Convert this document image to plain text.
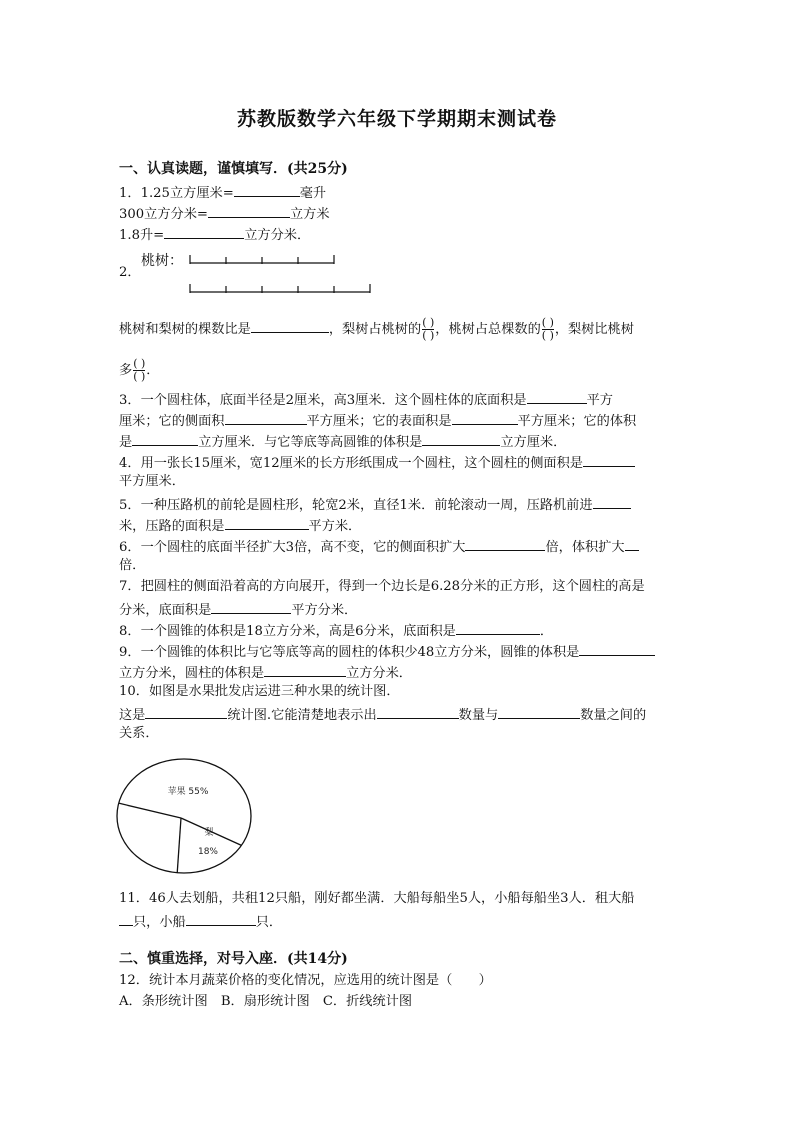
苏教版数学六年级下学期期末测试卷
一、认真读题，谨慎填写．(共25分)
1．1.25立方厘米=	毫升
300立方分米=	立方米
1.8升=	立方分米．
2．
桃树：
桃树和梨树的棵数比是	，梨树占桃树的 ( )
( ) ，桃树占总棵数的 ( )
( ) ，梨树比桃树
多 ( )
( ) ．
3．一个圆柱体，底面半径是2厘米，高3厘米．这个圆柱体的底面积是	平方
厘米；它的侧面积	平方厘米；它的表面积是	平方厘米；它的体积
是	立方厘米．与它等底等高圆锥的体积是	立方厘米．
4．用一张长15厘米，宽12厘米的长方形纸围成一个圆柱，这个圆柱的侧面积是
平方厘米．
5．一种压路机的前轮是圆柱形，轮宽2米，直径1米．前轮滚动一周，压路机前进
米，压路的面积是	平方米．
6．一个圆柱的底面半径扩大3倍，高不变，它的侧面积扩大	倍，体积扩大
倍．
7．把圆柱的侧面沿着高的方向展开，得到一个边长是6.28分米的正方形，这个圆柱的高是
分米，底面积是	平方分米．
8．一个圆锥的体积是18立方分米，高是6分米，底面积是	．
9．一个圆锥的体积比与它等底等高的圆柱的体积少48立方分米，圆锥的体积是
立方分米，圆柱的体积是	立方分米．
10．如图是水果批发店运进三种水果的统计图．
这是	统计图.它能清楚地表示出	数量与	数量之间的
关系．
苹果 55%
梨
18%
11．46人去划船，共租12只船，刚好都坐满．大船每船坐5人，小船每船坐3人．租大船
只，小船	只．
二、慎重选择，对号入座．(共14分)
12．统计本月蔬菜价格的变化情况，应选用的统计图是（　　）
A．条形统计图　B．扇形统计图　C．折线统计图
